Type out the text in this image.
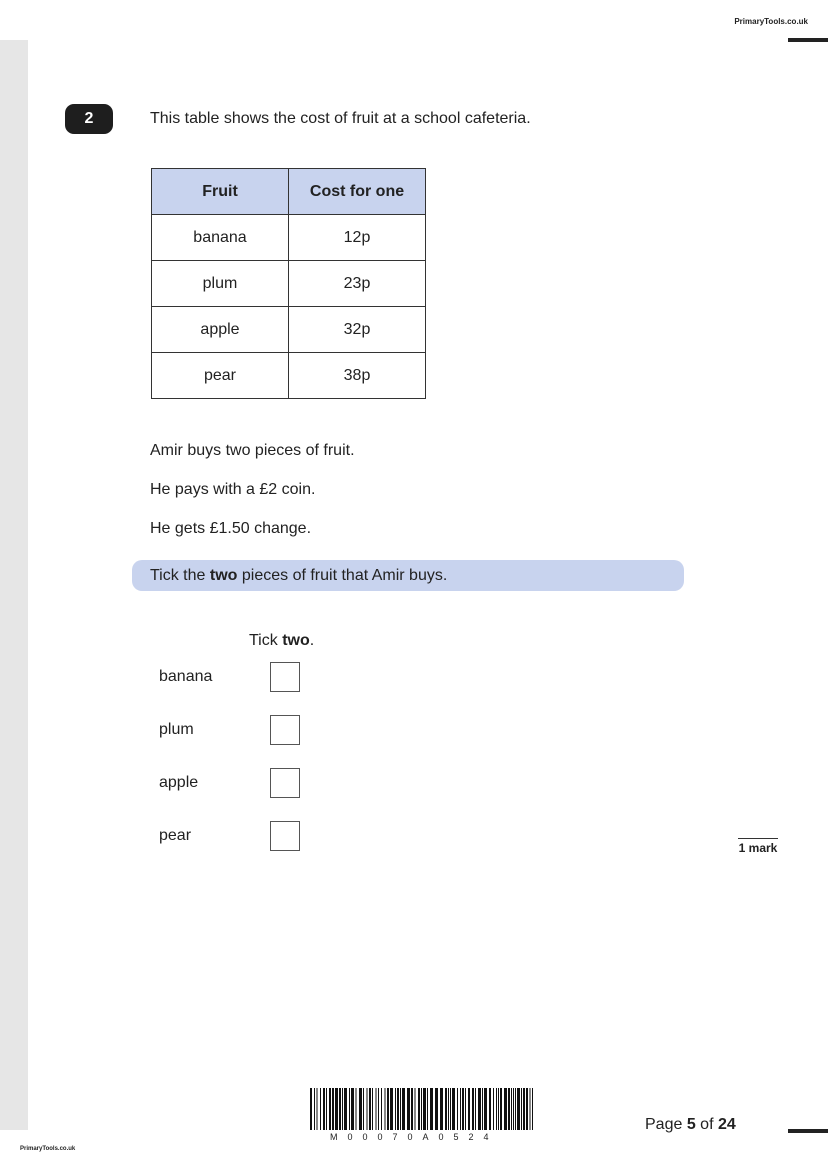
PrimaryTools.co.uk
2	This table shows the cost of fruit at a school cafeteria.
Fruit	Cost for one
banana	12p
plum	23p
apple	32p
pear	38p
Amir buys two pieces of fruit.
He pays with a £2 coin.
He gets £1.50 change.
Tick the two pieces of fruit that Amir buys.
Tick two.
banana
plum
apple
pear
1 mark
M00070A0524
Page 5 of 24
PrimaryTools.co.uk
